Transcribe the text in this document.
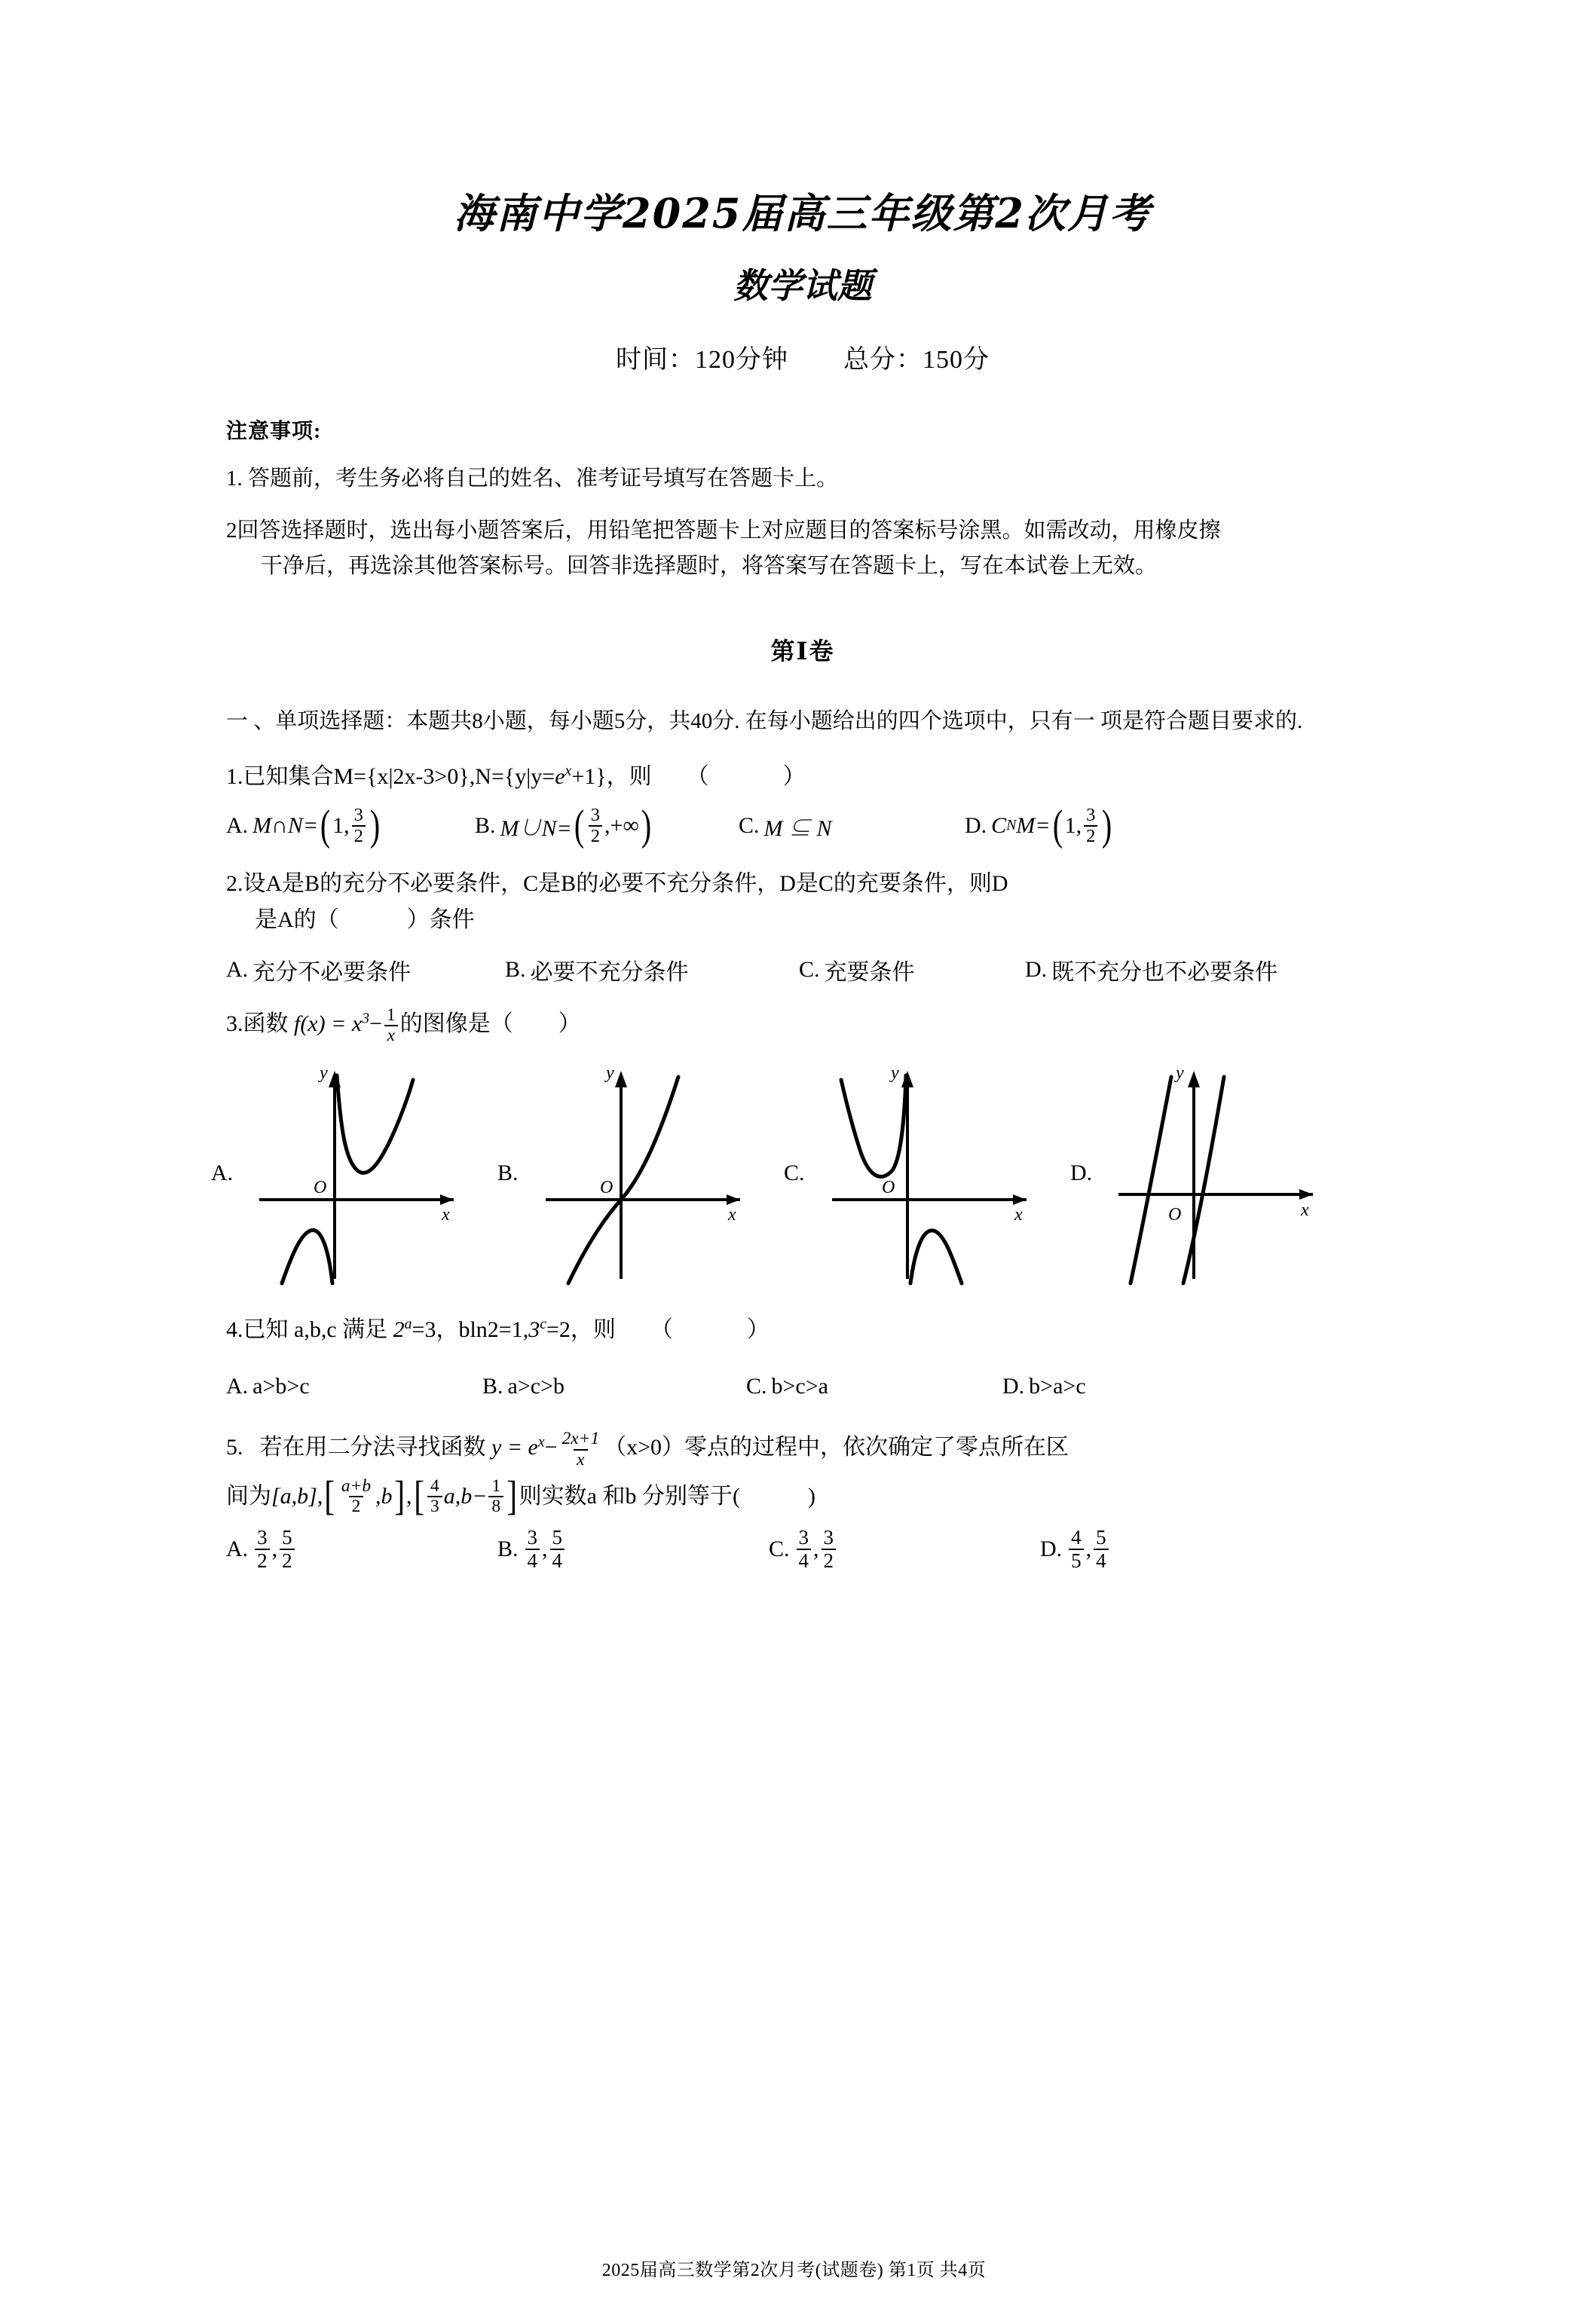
海南中学2025届高三年级第2次月考
数学试题
时间：120分钟 总分：150分
注意事项:
1. 答题前，考生务必将自己的姓名、准考证号填写在答题卡上。
2回答选择题时，选出每小题答案后，用铅笔把答题卡上对应题目的答案标号涂黑。如需改动，用橡皮擦
干净后，再选涂其他答案标号。回答非选择题时，将答案写在答题卡上，写在本试卷上无效。
第Ⅰ卷
一 、单项选择题：本题共8小题，每小题5分，共40分. 在每小题给出的四个选项中，只有一 项是符合题目要求的.
1.已知集合$M=\{x|2x-3>0\},N=\{y|y=e^x+1\}$，则 （　　　）
A. M∩N= ( 1, $\frac{3}{2}$ )	B. M∪N= ( $\frac{3}{2}$ ,+∞ )	C. M ⊆ N	D. C N M= ( 1, $\frac{3}{2}$ )
2.设A是B的充分不必要条件，C是B的必要不充分条件，D是C的充要条件，则D
是A的（　　　）条件
A. 充分不必要条件	B. 必要不充分条件	C. 充要条件	D. 既不充分也不必要条件
3.函数 $f(x) = x^3- \frac{1}{x}$ 的图像是（　　）
A.
O
y
x
B.
O
y
x
C.
O
y
x
D.
O
y
x
4.已知 a,b,c 满足 $2^a=3$，bln2=1,3$^c$=2，则 （　　　）
A. a>b>c	B. a>c>b	C. b>c>a	D. b>a>c
5. 若在用二分法寻找函数 $y = e^x- \frac{2x+1}{x} (x>0)$零点的过程中，依次确定了零点所在区
间为 [a,b] , [ $\frac{a+b}{2} ,b$ ] , [ $\frac{4}{3} a,b- \frac{1}{8}$ ] 则实数a 和b 分别等于(　　　)
A. $\frac{3}{2}$ , $\frac{5}{2}$	B. $\frac{3}{4}$ , $\frac{5}{4}$	C. $\frac{3}{4}$ , $\frac{3}{2}$	D. $\frac{4}{5}$ , $\frac{5}{4}$
2025届高三数学第2次月考(试题卷) 第1页 共4页
